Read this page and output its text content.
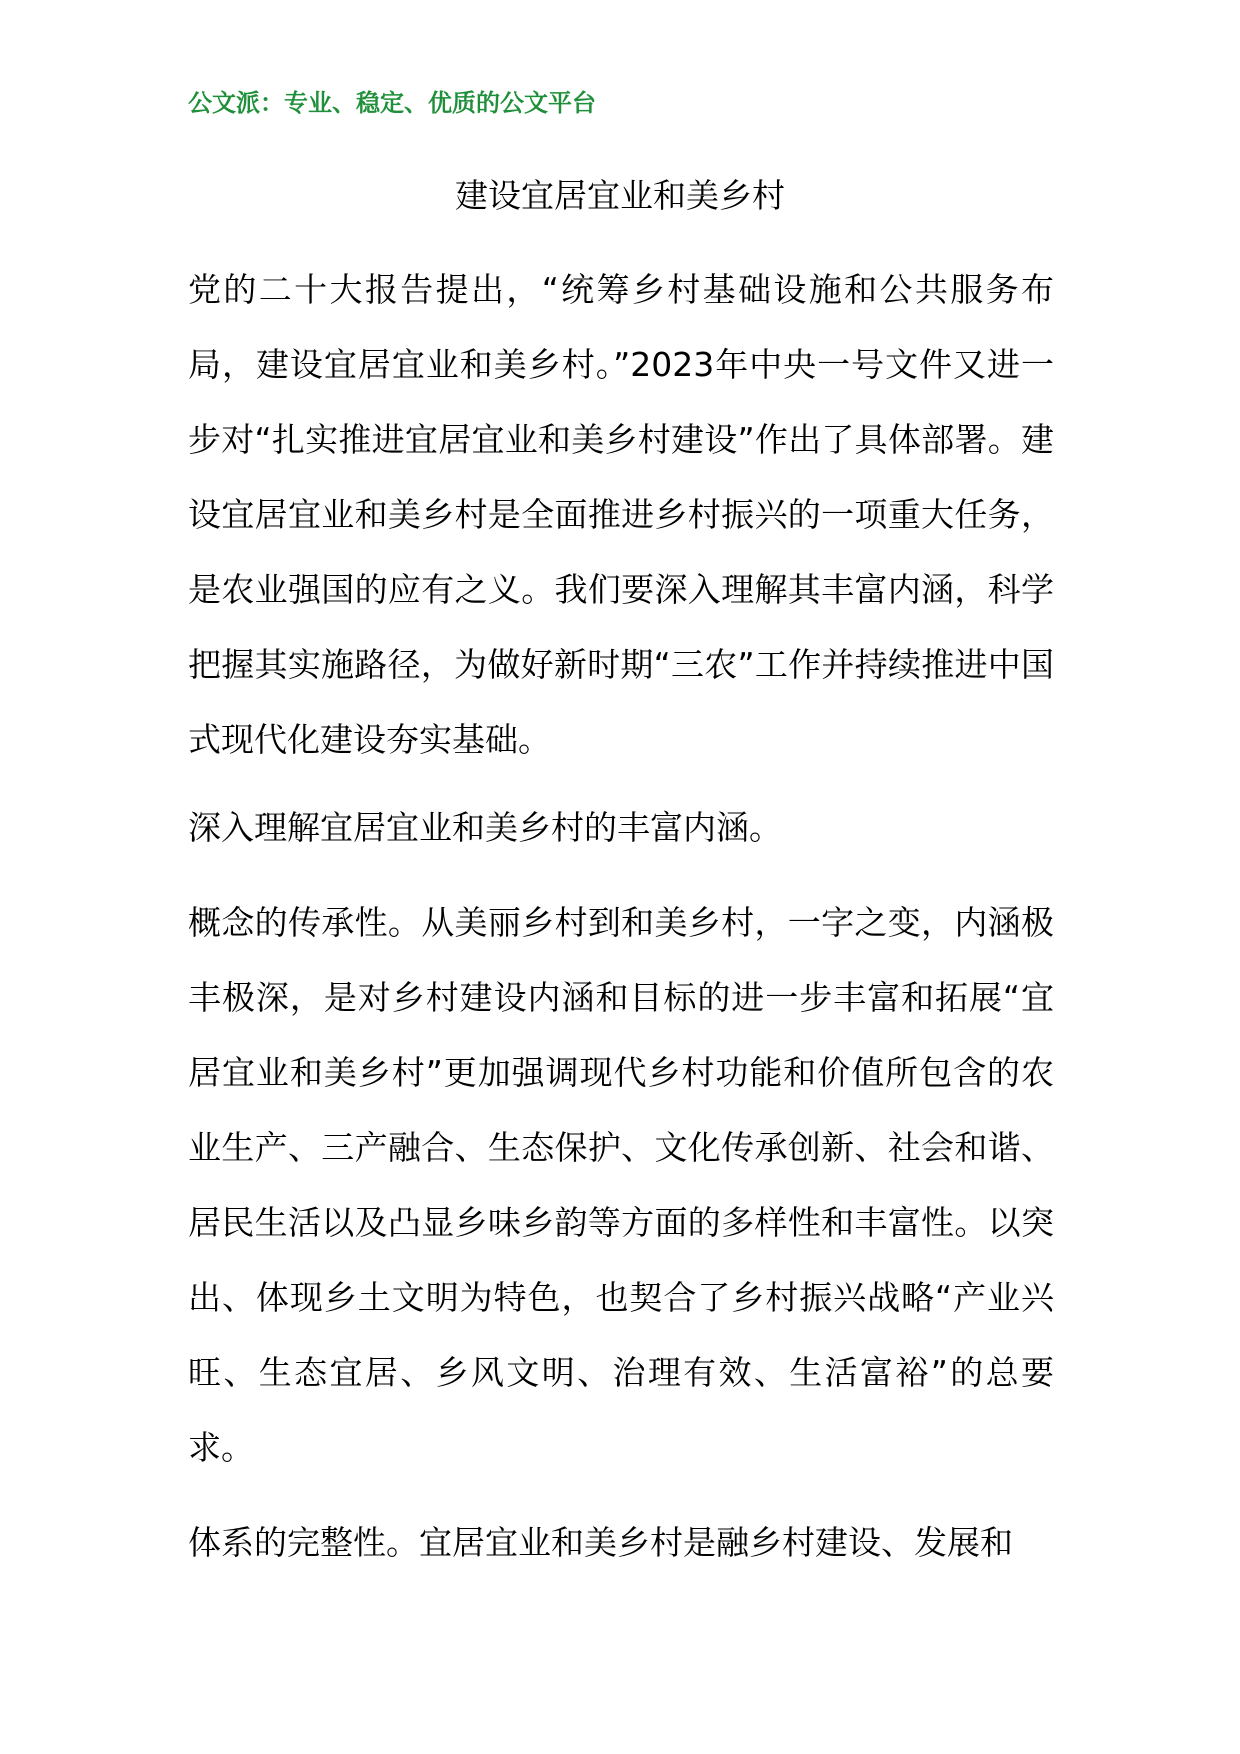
公文派：专业、稳定、优质的公文平台
建设宜居宜业和美乡村
党的二十大报告提出，“统筹乡村基础设施和公共服务布局，建设宜居宜业和美乡村。”2023年中央一号文件又进一步对“扎实推进宜居宜业和美乡村建设”作出了具体部署。建设宜居宜业和美乡村是全面推进乡村振兴的一项重大任务，是农业强国的应有之义。我们要深入理解其丰富内涵，科学把握其实施路径，为做好新时期“三农”工作并持续推进中国式现代化建设夯实基础。
深入理解宜居宜业和美乡村的丰富内涵。
概念的传承性。从美丽乡村到和美乡村，一字之变，内涵极丰极深，是对乡村建设内涵和目标的进一步丰富和拓展“宜居宜业和美乡村”更加强调现代乡村功能和价值所包含的农业生产、三产融合、生态保护、文化传承创新、社会和谐、居民生活以及凸显乡味乡韵等方面的多样性和丰富性。以突出、体现乡土文明为特色，也契合了乡村振兴战略“产业兴旺、生态宜居、乡风文明、治理有效、生活富裕”的总要求。
体系的完整性。宜居宜业和美乡村是融乡村建设、发展和
